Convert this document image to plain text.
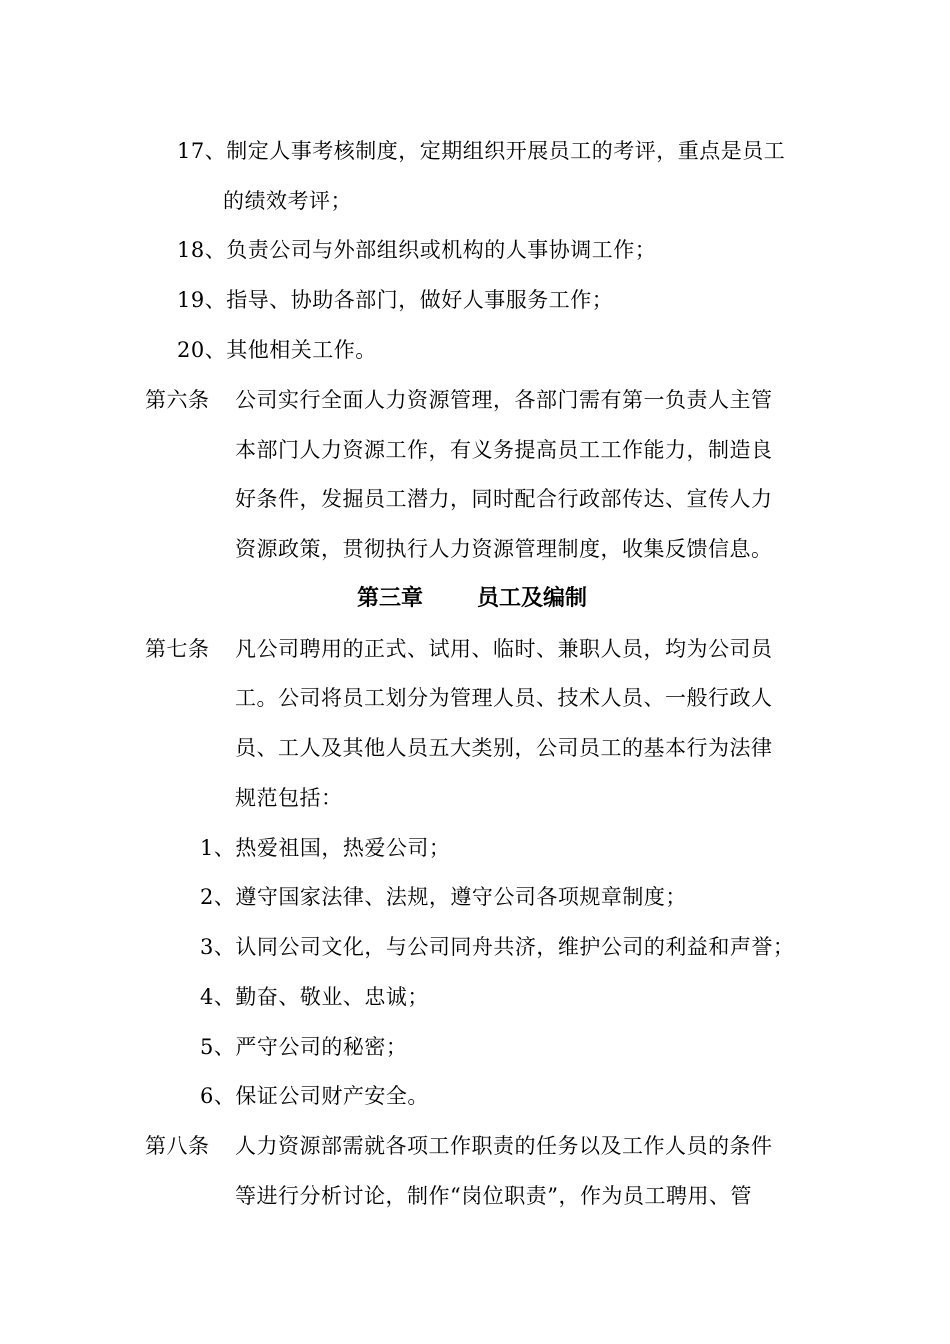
17、制定人事考核制度，定期组织开展员工的考评，重点是员工
的绩效考评；
18、负责公司与外部组织或机构的人事协调工作；
19、指导、协助各部门，做好人事服务工作；
20、其他相关工作。
第六条 公司实行全面人力资源管理，各部门需有第一负责人主管
本部门人力资源工作，有义务提高员工工作能力，制造良
好条件，发掘员工潜力，同时配合行政部传达、宣传人力
资源政策，贯彻执行人力资源管理制度，收集反馈信息。
第三章 员工及编制
第七条 凡公司聘用的正式、试用、临时、兼职人员，均为公司员
工。公司将员工划分为管理人员、技术人员、一般行政人
员、工人及其他人员五大类别，公司员工的基本行为法律
规范包括：
1、热爱祖国，热爱公司；
2、遵守国家法律、法规，遵守公司各项规章制度；
3、认同公司文化，与公司同舟共济，维护公司的利益和声誉；
4、勤奋、敬业、忠诚；
5、严守公司的秘密；
6、保证公司财产安全。
第八条 人力资源部需就各项工作职责的任务以及工作人员的条件
等进行分析讨论，制作“岗位职责”，作为员工聘用、管
